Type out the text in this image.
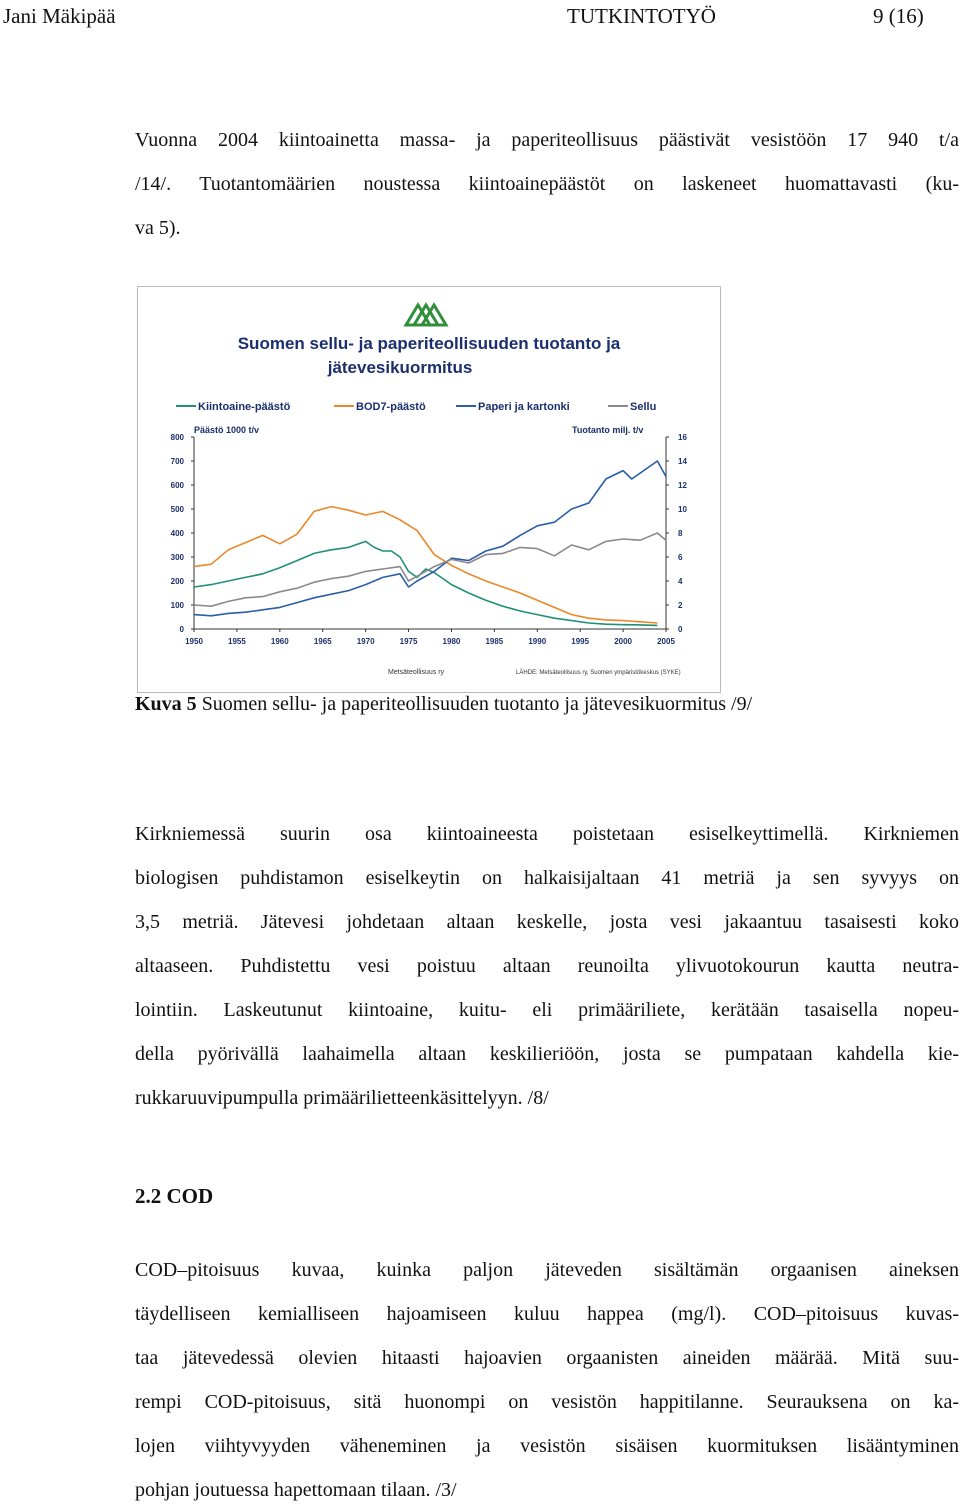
Jani Mäkipää	TUTKINTOTYÖ	9 (16)
Vuonna 2004 kiintoainetta massa- ja paperiteollisuus päästivät vesistöön 17 940 t/a
/14/. Tuotantomäärien noustessa kiintoainepäästöt on laskeneet huomattavasti (ku-
va 5).
Suomen sellu- ja paperiteollisuuden tuotanto ja
jätevesikuormitus
Kiintoaine-päästö	BOD7-päästö	Paperi ja kartonki	Sellu
Päästö 1000 t/v	Tuotanto milj. t/v
0
100
200
300
400
500
600
700
800
0
2
4
6
8
10
12
14
16
1950	1955	1960	1965	1970	1975	1980	1985	1990	1995	2000	2005
Metsäteollisuus ry	LÄHDE: Metsäteollisuus ry, Suomen ympäristökeskus (SYKE)
Kuva 5 Suomen sellu- ja paperiteollisuuden tuotanto ja jätevesikuormitus /9/
Kirkniemessä suurin osa kiintoaineesta poistetaan esiselkeyttimellä. Kirkniemen
biologisen puhdistamon esiselkeytin on halkaisijaltaan 41 metriä ja sen syvyys on
3,5 metriä. Jätevesi johdetaan altaan keskelle, josta vesi jakaantuu tasaisesti koko
altaaseen. Puhdistettu vesi poistuu altaan reunoilta ylivuotokourun kautta neutra-
lointiin. Laskeutunut kiintoaine, kuitu- eli primääriliete, kerätään tasaisella nopeu-
della pyörivällä laahaimella altaan keskilieriöön, josta se pumpataan kahdella kie-
rukkaruuvipumpulla primäärilietteenkäsittelyyn. /8/
2.2 COD
COD–pitoisuus kuvaa, kuinka paljon jäteveden sisältämän orgaanisen aineksen
täydelliseen kemialliseen hajoamiseen kuluu happea (mg/l). COD–pitoisuus kuvas-
taa jätevedessä olevien hitaasti hajoavien orgaanisten aineiden määrää. Mitä suu-
rempi COD-pitoisuus, sitä huonompi on vesistön happitilanne. Seurauksena on ka-
lojen viihtyvyyden väheneminen ja vesistön sisäisen kuormituksen lisääntyminen
pohjan joutuessa hapettomaan tilaan. /3/
